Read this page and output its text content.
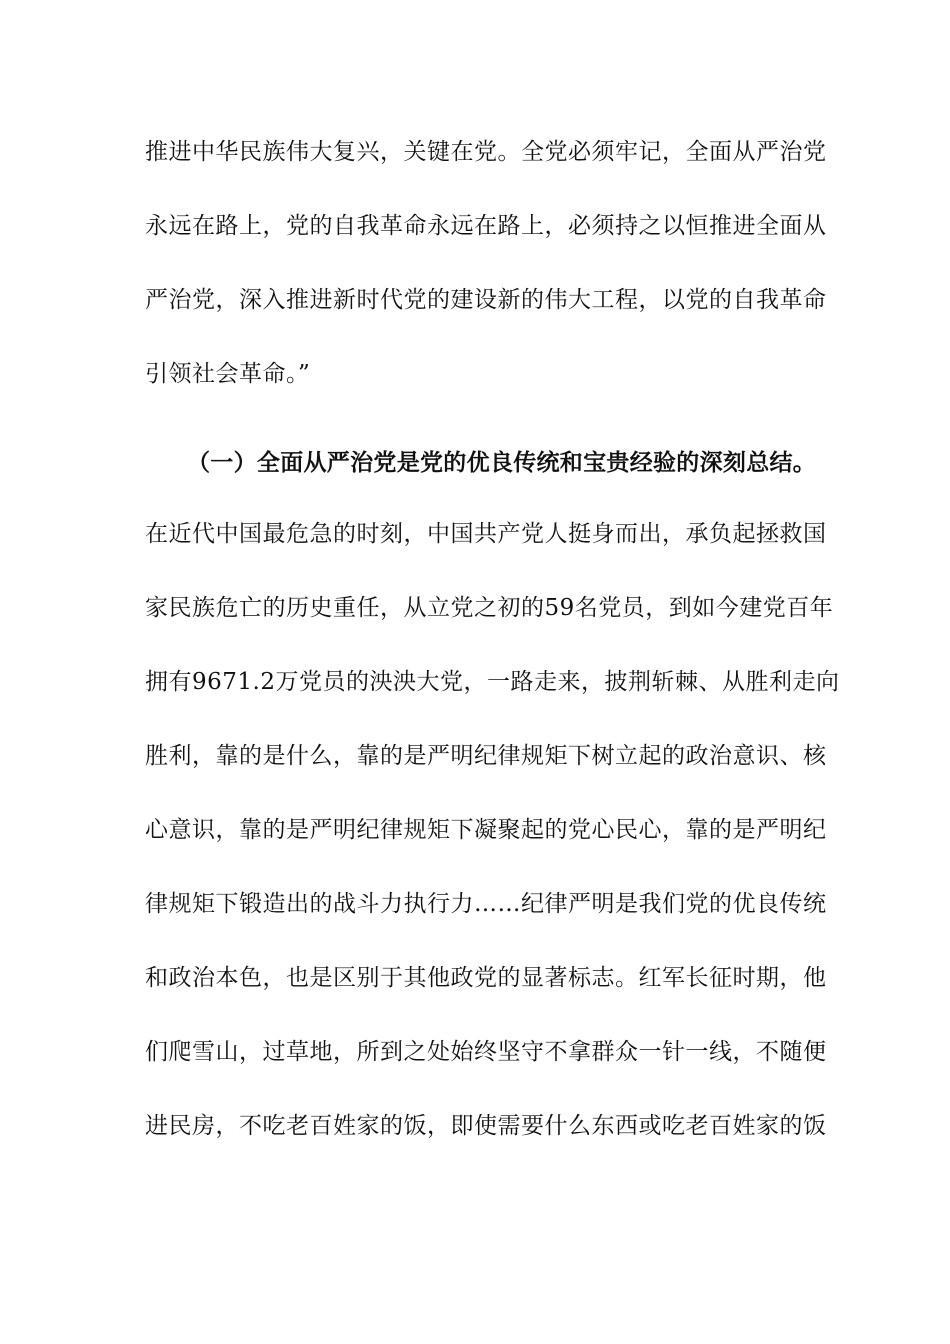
推进中华民族伟大复兴，关键在党。全党必须牢记，全面从严治党
永远在路上，党的自我革命永远在路上，必须持之以恒推进全面从
严治党，深入推进新时代党的建设新的伟大工程，以党的自我革命
引领社会革命。”
（一）全面从严治党是党的优良传统和宝贵经验的深刻总结。
在近代中国最危急的时刻，中国共产党人挺身而出，承负起拯救国
家民族危亡的历史重任，从立党之初的59名党员，到如今建党百年
拥有9671.2万党员的泱泱大党，一路走来，披荆斩棘、从胜利走向
胜利，靠的是什么，靠的是严明纪律规矩下树立起的政治意识、核
心意识，靠的是严明纪律规矩下凝聚起的党心民心，靠的是严明纪
律规矩下锻造出的战斗力执行力……纪律严明是我们党的优良传统
和政治本色，也是区别于其他政党的显著标志。红军长征时期，他
们爬雪山，过草地，所到之处始终坚守不拿群众一针一线，不随便
进民房，不吃老百姓家的饭，即使需要什么东西或吃老百姓家的饭
